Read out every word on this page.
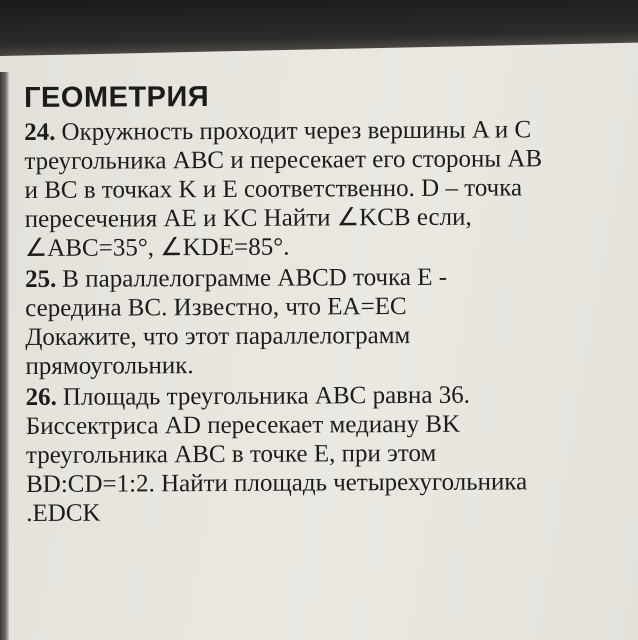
ГЕОМЕТРИЯ
24. Окружность проходит через вершины A и C
треугольника ABC и пересекает его стороны AB
и BC в точках K и E соответственно. D – точка
пересечения AE и KC Найти ∠KCB если,
∠ABC=35°, ∠KDE=85°.
25. В параллелограмме ABCD точка E -
середина BC. Известно, что EA=EC
Докажите, что этот параллелограмм
прямоугольник.
26. Площадь треугольника ABC равна 36.
Биссектриса AD пересекает медиану BK
треугольника ABC в точке E, при этом
BD:CD=1:2. Найти площадь четырехугольника
.EDCK
